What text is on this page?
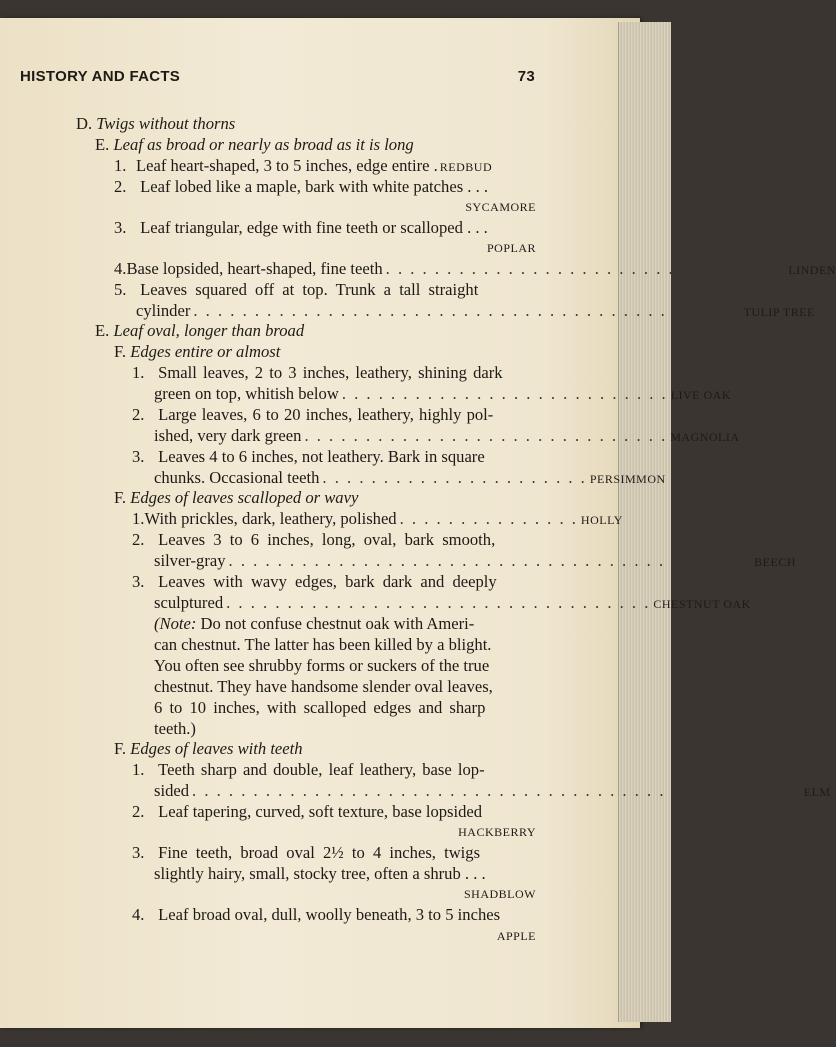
HISTORY AND FACTS	73
D. Twigs without thorns
E. Leaf as broad or nearly as broad as it is long
1. Leaf heart-shaped, 3 to 5 inches, edge entire . REDBUD
2. Leaf lobed like a maple, bark with white patches . . .
SYCAMORE
3. Leaf triangular, edge with fine teeth or scalloped . . .
POPLAR
4. Base lopsided, heart-shaped, fine teeth . . . . . . . . . . . . . . . . . . . . . . . . . . . . . . . . . LINDEN
5. Leaves squared off at top. Trunk a tall straight
cylinder . . . . . . . . . . . . . . . . . . . . . . . . . . . . . . . . . . . . . . . . . . . . . TULIP TREE
E. Leaf oval, longer than broad
F. Edges entire or almost
1. Small leaves, 2 to 3 inches, leathery, shining dark
green on top, whitish below . . . . . . . . . . . . . . . . . . . . . . . . . . . LIVE OAK
2. Large leaves, 6 to 20 inches, leathery, highly pol-
ished, very dark green . . . . . . . . . . . . . . . . . . . . . . . . . . . . . . MAGNOLIA
3. Leaves 4 to 6 inches, not leathery. Bark in square
chunks. Occasional teeth . . . . . . . . . . . . . . . . . . . . . . PERSIMMON
F. Edges of leaves scalloped or wavy
1. With prickles, dark, leathery, polished . . . . . . . . . . . . . . . HOLLY
2. Leaves 3 to 6 inches, long, oval, bark smooth,
silver-gray . . . . . . . . . . . . . . . . . . . . . . . . . . . . . . . . . . . . . . . . . . . BEECH
3. Leaves with wavy edges, bark dark and deeply
sculptured . . . . . . . . . . . . . . . . . . . . . . . . . . . . . . . . . . . CHESTNUT OAK
(Note: Do not confuse chestnut oak with Ameri-
can chestnut. The latter has been killed by a blight.
You often see shrubby forms or suckers of the true
chestnut. They have handsome slender oval leaves,
6 to 10 inches, with scalloped edges and sharp
teeth.)
F. Edges of leaves with teeth
1. Teeth sharp and double, leaf leathery, base lop-
sided . . . . . . . . . . . . . . . . . . . . . . . . . . . . . . . . . . . . . . . . . . . . . . . . . . ELM
2. Leaf tapering, curved, soft texture, base lopsided
HACKBERRY
3. Fine teeth, broad oval 2½ to 4 inches, twigs
slightly hairy, small, stocky tree, often a shrub . . .
SHADBLOW
4. Leaf broad oval, dull, woolly beneath, 3 to 5 inches
APPLE
